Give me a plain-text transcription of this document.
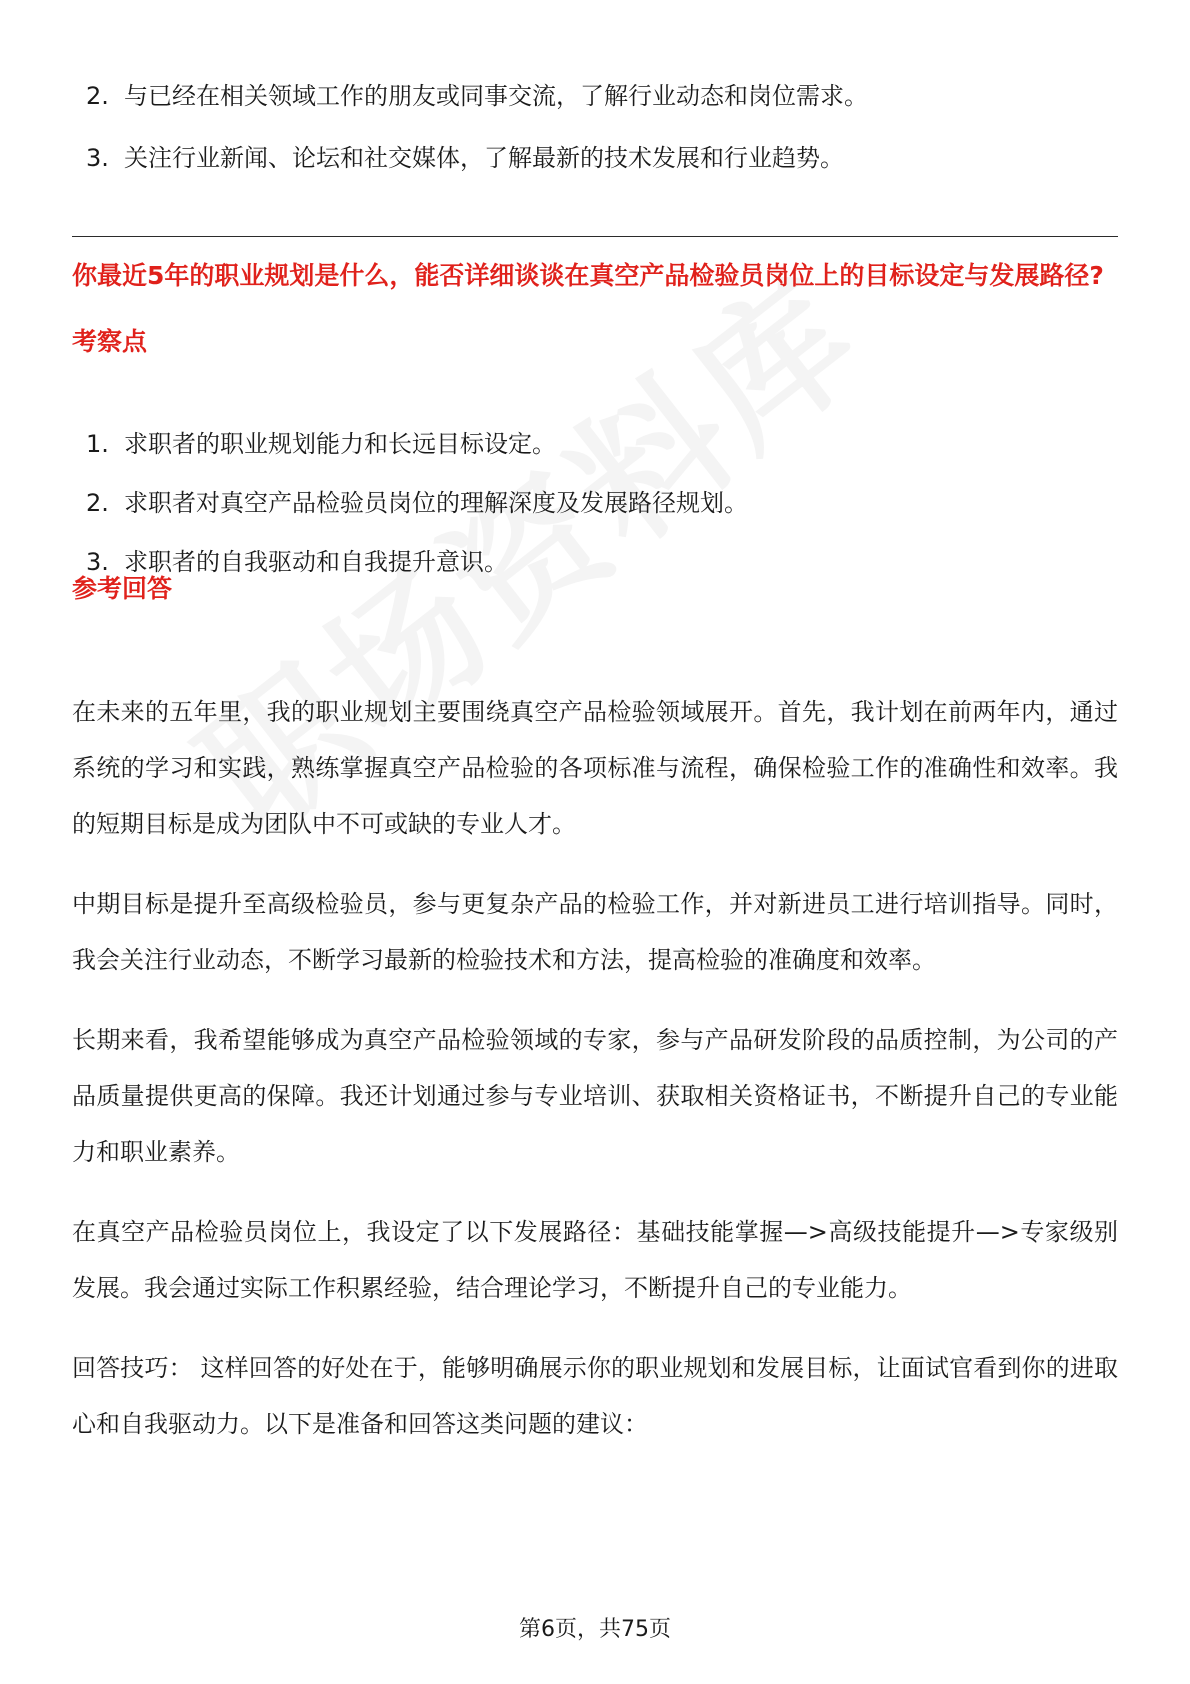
2. 与已经在相关领域工作的朋友或同事交流，了解行业动态和岗位需求。
3. 关注行业新闻、论坛和社交媒体，了解最新的技术发展和行业趋势。
你最近5年的职业规划是什么，能否详细谈谈在真空产品检验员岗位上的目标设定与发展路径?
考察点
1. 求职者的职业规划能力和长远目标设定。
2. 求职者对真空产品检验员岗位的理解深度及发展路径规划。
3. 求职者的自我驱动和自我提升意识。
参考回答

在未来的五年里，我的职业规划主要围绕真空产品检验领域展开。首先，我计划在前两年内，通过系统的学习和实践，熟练掌握真空产品检验的各项标准与流程，确保检验工作的准确性和效率。我的短期目标是成为团队中不可或缺的专业人才。

中期目标是提升至高级检验员，参与更复杂产品的检验工作，并对新进员工进行培训指导。同时，我会关注行业动态，不断学习最新的检验技术和方法，提高检验的准确度和效率。

长期来看，我希望能够成为真空产品检验领域的专家，参与产品研发阶段的品质控制，为公司的产品质量提供更高的保障。我还计划通过参与专业培训、获取相关资格证书，不断提升自己的专业能力和职业素养。

在真空产品检验员岗位上，我设定了以下发展路径：基础技能掌握—>高级技能提升—>专家级别发展。我会通过实际工作积累经验，结合理论学习，不断提升自己的专业能力。

回答技巧： 这样回答的好处在于，能够明确展示你的职业规划和发展目标，让面试官看到你的进取心和自我驱动力。以下是准备和回答这类问题的建议：

第6页，共75页
